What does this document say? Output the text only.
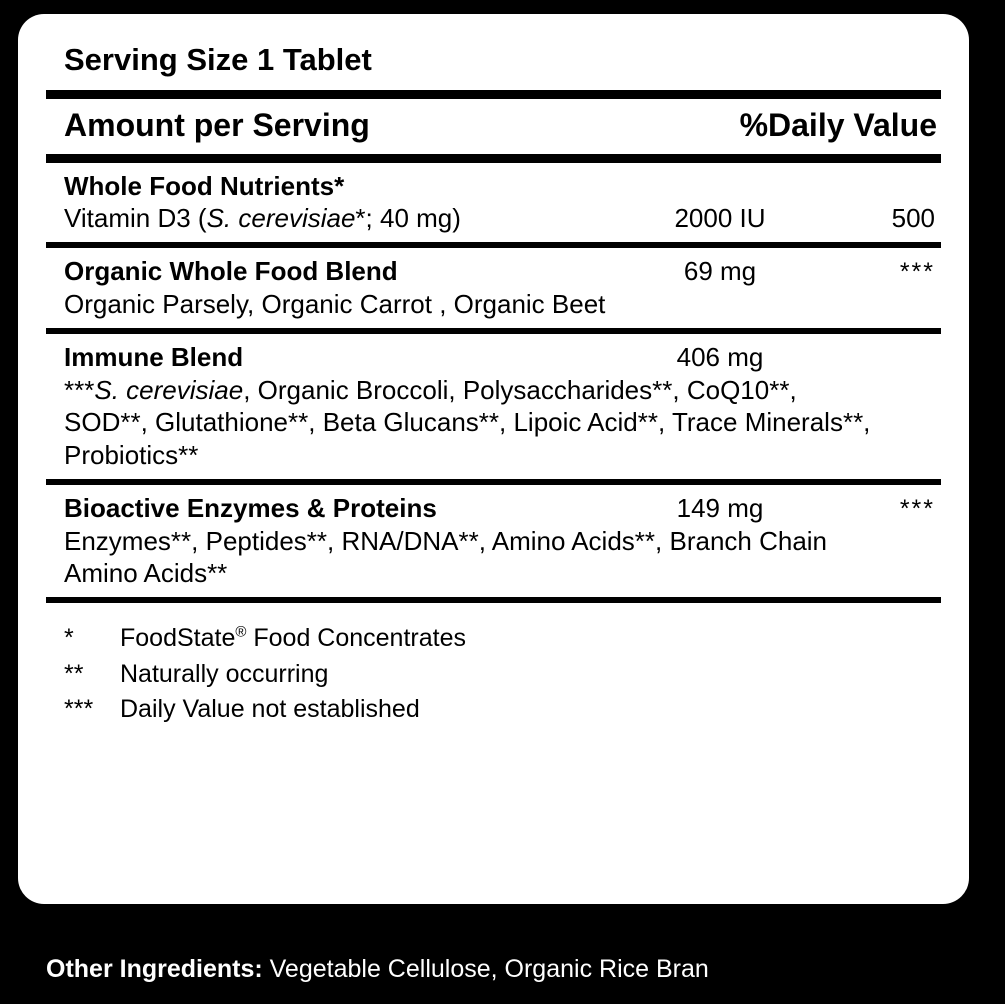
Serving Size 1 Tablet
Amount per Serving	%Daily Value
Whole Food Nutrients*
Vitamin D3 (S. cerevisiae*; 40 mg)	2000 IU	500
Organic Whole Food Blend	69 mg	***
Organic Parsely, Organic Carrot , Organic Beet
Immune Blend	406 mg
***S. cerevisiae, Organic Broccoli, Polysaccharides**, CoQ10**, SOD**, Glutathione**, Beta Glucans**, Lipoic Acid**, Trace Minerals**, Probiotics**
Bioactive Enzymes & Proteins	149 mg	***
Enzymes**, Peptides**, RNA/DNA**, Amino Acids**, Branch Chain Amino Acids**
*	FoodState® Food Concentrates
**	Naturally occurring
***	Daily Value not established
Other Ingredients: Vegetable Cellulose, Organic Rice Bran
